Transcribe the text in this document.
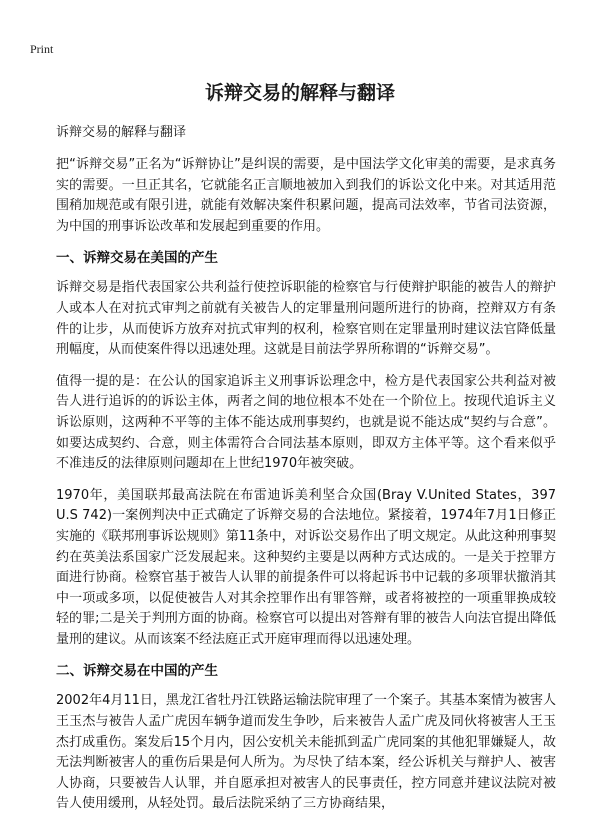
Print
诉辩交易的解释与翻译
诉辩交易的解释与翻译

把“诉辩交易”正名为“诉辩协让”是纠误的需要，是中国法学文化审美的需要，是求真务实的需要。一旦正其名，它就能名正言顺地被加入到我们的诉讼文化中来。对其适用范围稍加规范或有限引进，就能有效解决案件积累问题，提高司法效率，节省司法资源，为中国的刑事诉讼改革和发展起到重要的作用。

一、诉辩交易在美国的产生

诉辩交易是指代表国家公共利益行使控诉职能的检察官与行使辩护职能的被告人的辩护人或本人在对抗式审判之前就有关被告人的定罪量刑问题所进行的协商，控辩双方有条件的让步，从而使诉方放弃对抗式审判的权利，检察官则在定罪量刑时建议法官降低量刑幅度，从而使案件得以迅速处理。这就是目前法学界所称谓的“诉辩交易”。

值得一提的是：在公认的国家追诉主义刑事诉讼理念中，检方是代表国家公共利益对被告人进行追诉的的诉讼主体，两者之间的地位根本不处在一个阶位上。按现代追诉主义诉讼原则，这两种不平等的主体不能达成刑事契约，也就是说不能达成“契约与合意”。如要达成契约、合意，则主体需符合合同法基本原则，即双方主体平等。这个看来似乎不准违反的法律原则问题却在上世纪1970年被突破。

1970年，美国联邦最高法院在布雷迪诉美利坚合众国(Bray V.United States，397 U.S 742)一案例判决中正式确定了诉辩交易的合法地位。紧接着，1974年7月1日修正实施的《联邦刑事诉讼规则》第11条中，对诉讼交易作出了明文规定。从此这种刑事契约在英美法系国家广泛发展起来。这种契约主要是以两种方式达成的。一是关于控罪方面进行协商。检察官基于被告人认罪的前提条件可以将起诉书中记载的多项罪状撤消其中一项或多项，以促使被告人对其余控罪作出有罪答辩，或者将被控的一项重罪换成较轻的罪;二是关于判刑方面的协商。检察官可以提出对答辩有罪的被告人向法官提出降低量刑的建议。从而该案不经法庭正式开庭审理而得以迅速处理。

二、诉辩交易在中国的产生

2002年4月11日，黑龙江省牡丹江铁路运输法院审理了一个案子。其基本案情为被害人王玉杰与被告人孟广虎因车辆争道而发生争吵，后来被告人孟广虎及同伙将被害人王玉杰打成重伤。案发后15个月内，因公安机关未能抓到孟广虎同案的其他犯罪嫌疑人，故无法判断被害人的重伤后果是何人所为。为尽快了结本案，经公诉机关与辩护人、被害人协商，只要被告人认罪，并自愿承担对被害人的民事责任，控方同意并建议法院对被告人使用缓刑，从轻处罚。最后法院采纳了三方协商结果，
